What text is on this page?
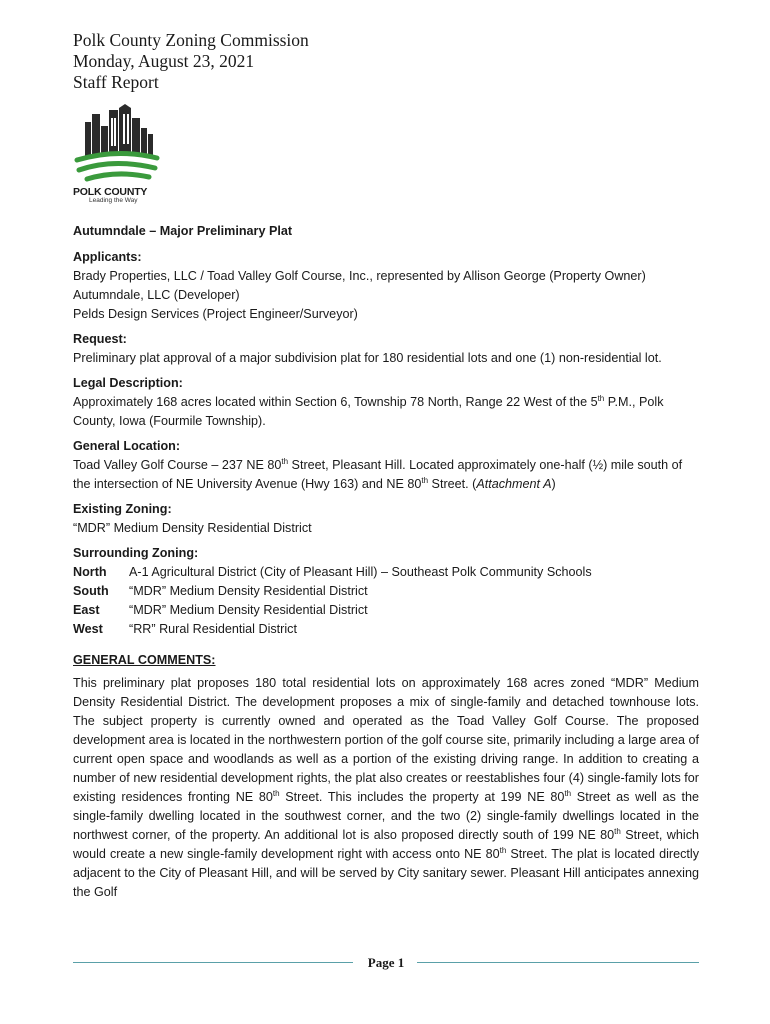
Polk County Zoning Commission
Monday, August 23, 2021
Staff Report
POLK COUNTY
Leading the Way
Autumndale – Major Preliminary Plat
Applicants:
Brady Properties, LLC / Toad Valley Golf Course, Inc., represented by Allison George (Property Owner)
Autumndale, LLC (Developer)
Pelds Design Services (Project Engineer/Surveyor)
Request:
Preliminary plat approval of a major subdivision plat for 180 residential lots and one (1) non-residential lot.
Legal Description:
Approximately 168 acres located within Section 6, Township 78 North, Range 22 West of the 5th P.M., Polk County, Iowa (Fourmile Township).
General Location:
Toad Valley Golf Course – 237 NE 80th Street, Pleasant Hill. Located approximately one-half (½) mile south of the intersection of NE University Avenue (Hwy 163) and NE 80th Street. (Attachment A)
Existing Zoning:
“MDR” Medium Density Residential District
Surrounding Zoning:
North	A-1 Agricultural District (City of Pleasant Hill) – Southeast Polk Community Schools
South	“MDR” Medium Density Residential District
East	“MDR” Medium Density Residential District
West	“RR” Rural Residential District
GENERAL COMMENTS:
This preliminary plat proposes 180 total residential lots on approximately 168 acres zoned “MDR” Medium Density Residential District. The development proposes a mix of single-family and detached townhouse lots. The subject property is currently owned and operated as the Toad Valley Golf Course. The proposed development area is located in the northwestern portion of the golf course site, primarily including a large area of current open space and woodlands as well as a portion of the existing driving range. In addition to creating a number of new residential development rights, the plat also creates or reestablishes four (4) single-family lots for existing residences fronting NE 80th Street. This includes the property at 199 NE 80th Street as well as the single-family dwelling located in the southwest corner, and the two (2) single-family dwellings located in the northwest corner, of the property. An additional lot is also proposed directly south of 199 NE 80th Street, which would create a new single-family development right with access onto NE 80th Street. The plat is located directly adjacent to the City of Pleasant Hill, and will be served by City sanitary sewer. Pleasant Hill anticipates annexing the Golf
Page 1
